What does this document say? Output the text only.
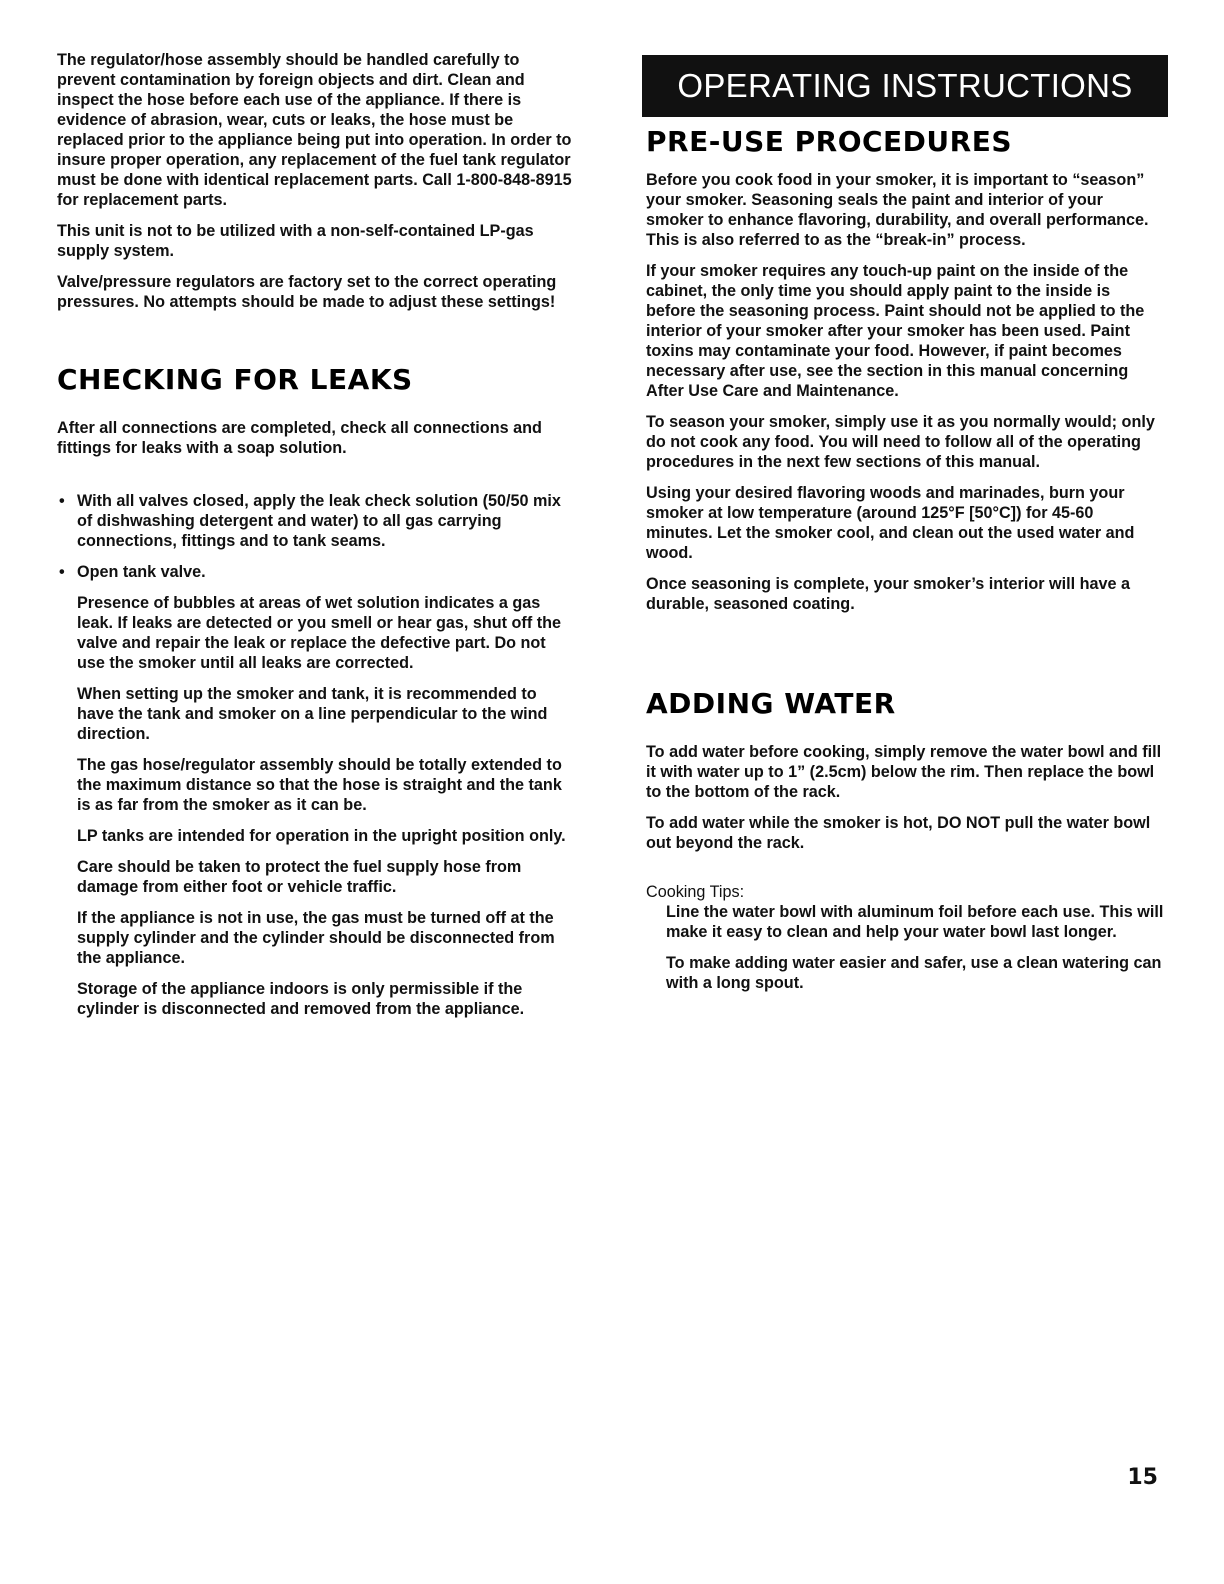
The regulator/hose assembly should be handled carefully to prevent contamination by foreign objects and dirt. Clean and inspect the hose before each use of the appliance. If there is evidence of abrasion, wear, cuts or leaks, the hose must be replaced prior to the appliance being put into operation. In order to insure proper operation, any replacement of the fuel tank regulator must be done with identical replacement parts. Call 1-800-848-8915 for replacement parts.

This unit is not to be utilized with a non-self-contained LP-gas supply system.

Valve/pressure regulators are factory set to the correct operating pressures. No attempts should be made to adjust these settings!

CHECKING FOR LEAKS

After all connections are completed, check all connections and fittings for leaks with a soap solution.

• With all valves closed, apply the leak check solution (50/50 mix of dishwashing detergent and water) to all gas carrying connections, fittings and to tank seams.
• Open tank valve.

Presence of bubbles at areas of wet solution indicates a gas leak. If leaks are detected or you smell or hear gas, shut off the valve and repair the leak or replace the defective part. Do not use the smoker until all leaks are corrected.

When setting up the smoker and tank, it is recommended to have the tank and smoker on a line perpendicular to the wind direction.

The gas hose/regulator assembly should be totally extended to the maximum distance so that the hose is straight and the tank is as far from the smoker as it can be.

LP tanks are intended for operation in the upright position only.

Care should be taken to protect the fuel supply hose from damage from either foot or vehicle traffic.

If the appliance is not in use, the gas must be turned off at the supply cylinder and the cylinder should be disconnected from the appliance.

Storage of the appliance indoors is only permissible if the cylinder is disconnected and removed from the appliance.

OPERATING INSTRUCTIONS
PRE-USE PROCEDURES

Before you cook food in your smoker, it is important to “season” your smoker. Seasoning seals the paint and interior of your smoker to enhance flavoring, durability, and overall performance. This is also referred to as the “break-in” process.

If your smoker requires any touch-up paint on the inside of the cabinet, the only time you should apply paint to the inside is before the seasoning process. Paint should not be applied to the interior of your smoker after your smoker has been used. Paint toxins may contaminate your food. However, if paint becomes necessary after use, see the section in this manual concerning After Use Care and Maintenance.

To season your smoker, simply use it as you normally would; only do not cook any food. You will need to follow all of the operating procedures in the next few sections of this manual.

Using your desired flavoring woods and marinades, burn your smoker at low temperature (around 125°F [50°C]) for 45-60 minutes. Let the smoker cool, and clean out the used water and wood.

Once seasoning is complete, your smoker’s interior will have a durable, seasoned coating.

ADDING WATER

To add water before cooking, simply remove the water bowl and fill it with water up to 1” (2.5cm) below the rim. Then replace the bowl to the bottom of the rack.

To add water while the smoker is hot, DO NOT pull the water bowl out beyond the rack.

Cooking Tips:

Line the water bowl with aluminum foil before each use. This will make it easy to clean and help your water bowl last longer.

To make adding water easier and safer, use a clean watering can with a long spout.

15
